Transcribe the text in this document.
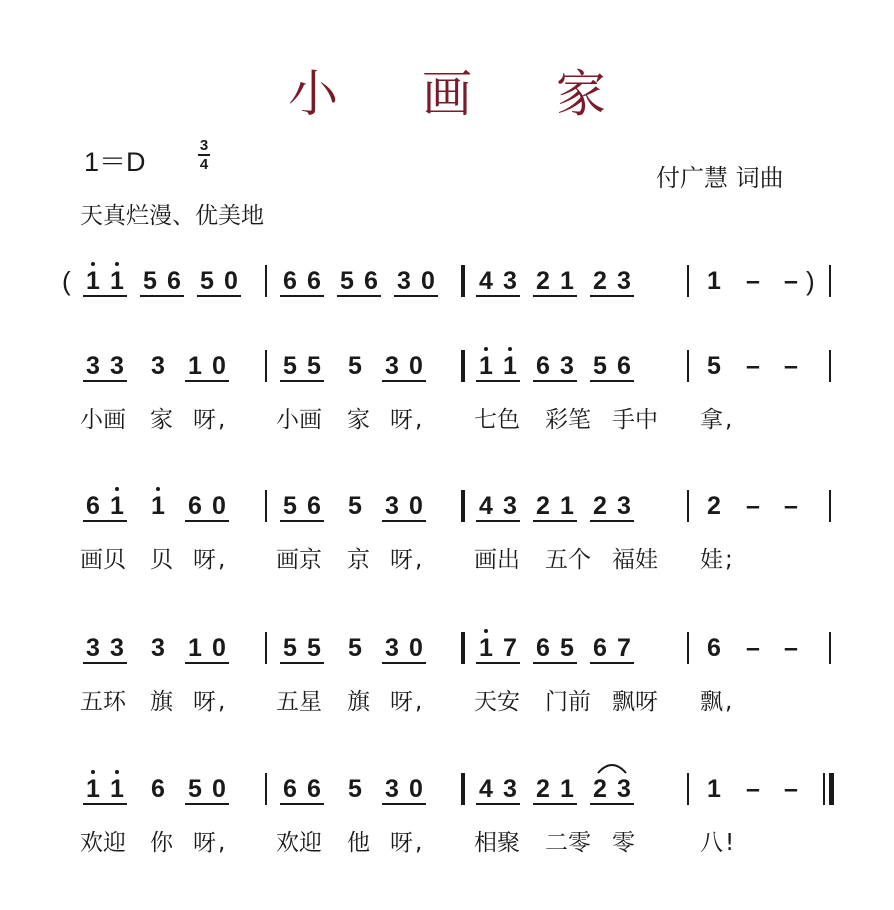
小 画 家
1＝D
3
4	付广慧 词曲
天真烂漫、优美地
( 1 1 5 6 5 0 6 6 5 6 3 0 4 3 2 1 2 3	1 – – )
3 3 3 1 0 5 5 5 3 0 1 1 6 3 5 6	5 – –
小画 家 呀, 小画 家 呀, 七色 彩笔 手中 拿,
6 1 1 6 0 5 6 5 3 0 4 3 2 1 2 3	2 – –
画贝 贝 呀, 画京 京 呀, 画出 五个 福娃 娃;
3 3 3 1 0 5 5 5 3 0 1 7 6 5 6 7	6 – –
五环 旗 呀, 五星 旗 呀, 天安 门前 飘呀 飘,
1 1 6 5 0 6 6 5 3 0 4 3 2 1 2 3	1 – –
欢迎 你 呀, 欢迎 他 呀, 相聚 二零 零	八!
